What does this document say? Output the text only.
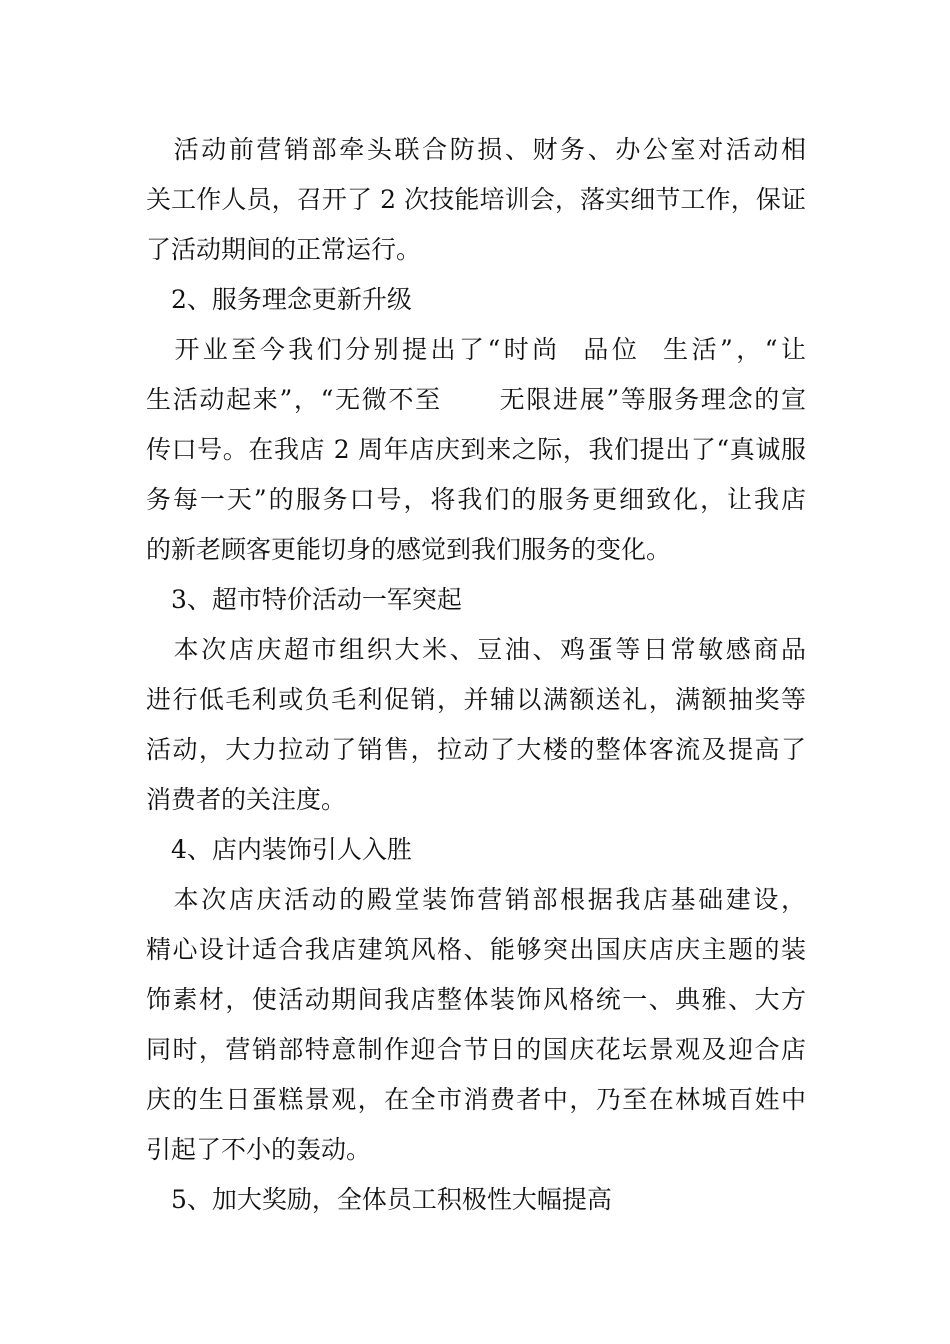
　活动前营销部牵头联合防损、财务、办公室对活动相

关工作人员，召开了 2 次技能培训会，落实细节工作，保证

了活动期间的正常运行。

　2、服务理念更新升级

　开业至今我们分别提出了“时尚  品位  生活”，“让

生活动起来”，“无微不至      无限进展”等服务理念的宣

传口号。在我店 2 周年店庆到来之际，我们提出了“真诚服

务每一天”的服务口号，将我们的服务更细致化，让我店

的新老顾客更能切身的感觉到我们服务的变化。

　3、超市特价活动一军突起

　本次店庆超市组织大米、豆油、鸡蛋等日常敏感商品

进行低毛利或负毛利促销，并辅以满额送礼，满额抽奖等

活动，大力拉动了销售，拉动了大楼的整体客流及提高了

消费者的关注度。

　4、店内装饰引人入胜

　本次店庆活动的殿堂装饰营销部根据我店基础建设，

精心设计适合我店建筑风格、能够突出国庆店庆主题的装

饰素材，使活动期间我店整体装饰风格统一、典雅、大方

同时，营销部特意制作迎合节日的国庆花坛景观及迎合店

庆的生日蛋糕景观，在全市消费者中，乃至在林城百姓中

引起了不小的轰动。

　5、加大奖励，全体员工积极性大幅提高
